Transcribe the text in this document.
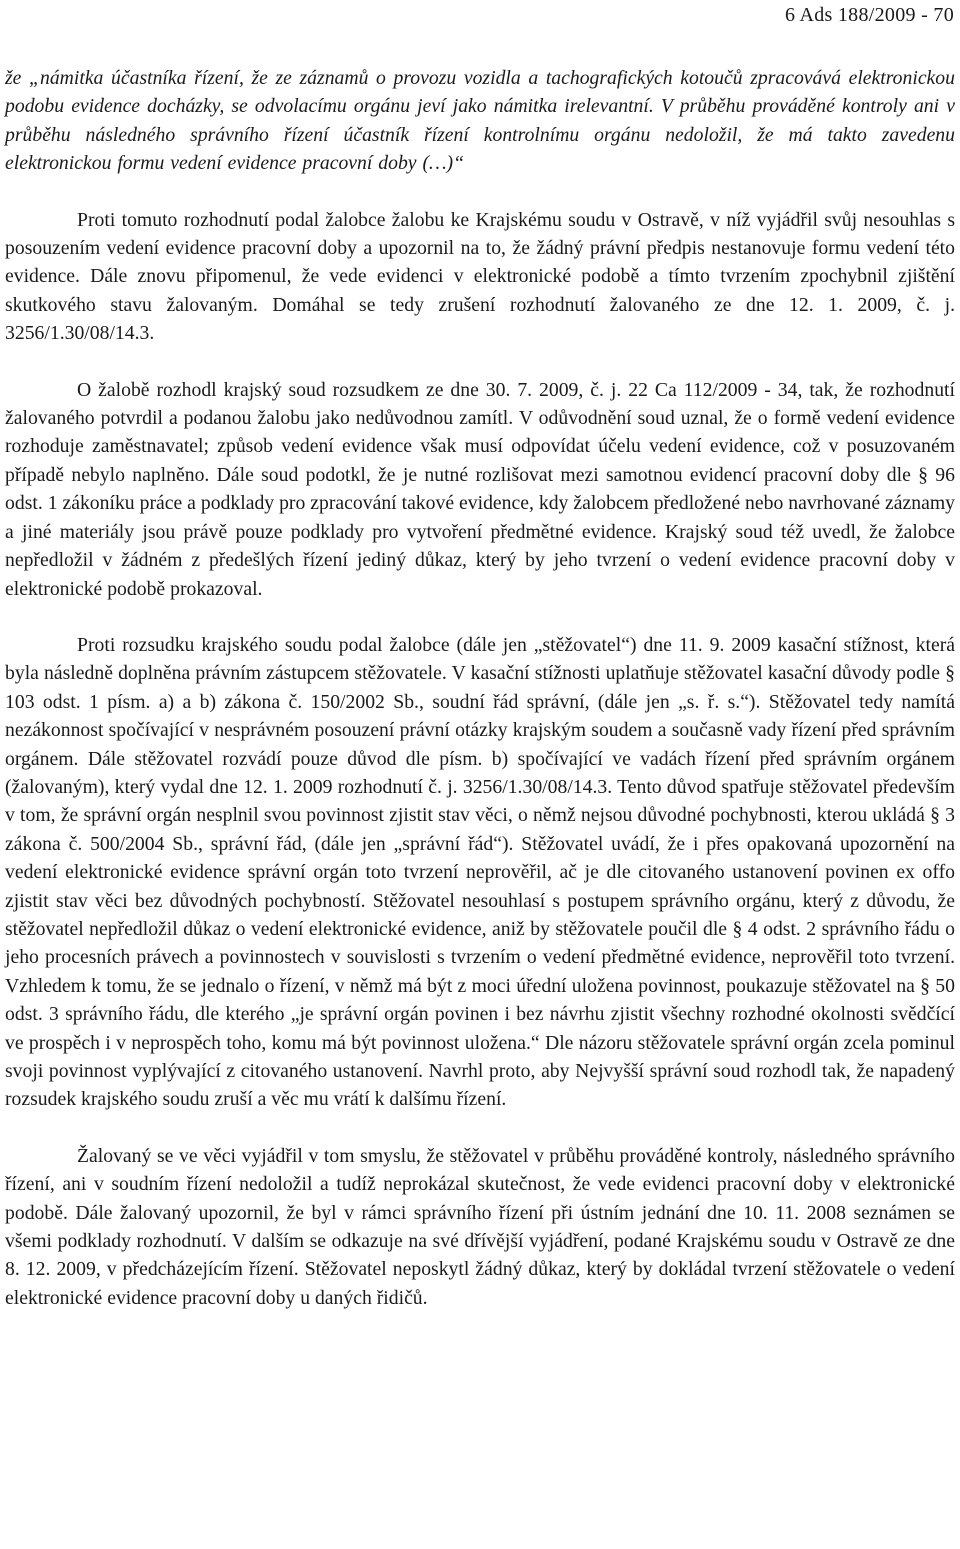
6 Ads 188/2009 - 70

že „námitka účastníka řízení, že ze záznamů o provozu vozidla a tachografických kotoučů zpracovává elektronickou podobu evidence docházky, se odvolacímu orgánu jeví jako námitka irelevantní. V průběhu prováděné kontroly ani v průběhu následného správního řízení účastník řízení kontrolnímu orgánu nedoložil, že má takto zavedenu elektronickou formu vedení evidence pracovní doby (…)“

Proti tomuto rozhodnutí podal žalobce žalobu ke Krajskému soudu v Ostravě, v níž vyjádřil svůj nesouhlas s posouzením vedení evidence pracovní doby a upozornil na to, že žádný právní předpis nestanovuje formu vedení této evidence. Dále znovu připomenul, že vede evidenci v elektronické podobě a tímto tvrzením zpochybnil zjištění skutkového stavu žalovaným. Domáhal se tedy zrušení rozhodnutí žalovaného ze dne 12. 1. 2009, č. j. 3256/1.30/08/14.3.

O žalobě rozhodl krajský soud rozsudkem ze dne 30. 7. 2009, č. j. 22 Ca 112/2009 - 34, tak, že rozhodnutí žalovaného potvrdil a podanou žalobu jako nedůvodnou zamítl. V odůvodnění soud uznal, že o formě vedení evidence rozhoduje zaměstnavatel; způsob vedení evidence však musí odpovídat účelu vedení evidence, což v posuzovaném případě nebylo naplněno. Dále soud podotkl, že je nutné rozlišovat mezi samotnou evidencí pracovní doby dle § 96 odst. 1 zákoníku práce a podklady pro zpracování takové evidence, kdy žalobcem předložené nebo navrhované záznamy a jiné materiály jsou právě pouze podklady pro vytvoření předmětné evidence. Krajský soud též uvedl, že žalobce nepředložil v žádném z předešlých řízení jediný důkaz, který by jeho tvrzení o vedení evidence pracovní doby v elektronické podobě prokazoval.

Proti rozsudku krajského soudu podal žalobce (dále jen „stěžovatel“) dne 11. 9. 2009 kasační stížnost, která byla následně doplněna právním zástupcem stěžovatele. V kasační stížnosti uplatňuje stěžovatel kasační důvody podle § 103 odst. 1 písm. a) a b) zákona č. 150/2002 Sb., soudní řád správní, (dále jen „s. ř. s.“). Stěžovatel tedy namítá nezákonnost spočívající v nesprávném posouzení právní otázky krajským soudem a současně vady řízení před správním orgánem. Dále stěžovatel rozvádí pouze důvod dle písm. b) spočívající ve vadách řízení před správním orgánem (žalovaným), který vydal dne 12. 1. 2009 rozhodnutí č. j. 3256/1.30/08/14.3. Tento důvod spatřuje stěžovatel především v tom, že správní orgán nesplnil svou povinnost zjistit stav věci, o němž nejsou důvodné pochybnosti, kterou ukládá § 3 zákona č. 500/2004 Sb., správní řád, (dále jen „správní řád“). Stěžovatel uvádí, že i přes opakovaná upozornění na vedení elektronické evidence správní orgán toto tvrzení neprověřil, ač je dle citovaného ustanovení povinen ex offo zjistit stav věci bez důvodných pochybností. Stěžovatel nesouhlasí s postupem správního orgánu, který z důvodu, že stěžovatel nepředložil důkaz o vedení elektronické evidence, aniž by stěžovatele poučil dle § 4 odst. 2 správního řádu o jeho procesních právech a povinnostech v souvislosti s tvrzením o vedení předmětné evidence, neprověřil toto tvrzení. Vzhledem k tomu, že se jednalo o řízení, v němž má být z moci úřední uložena povinnost, poukazuje stěžovatel na § 50 odst. 3 správního řádu, dle kterého „je správní orgán povinen i bez návrhu zjistit všechny rozhodné okolnosti svědčící ve prospěch i v neprospěch toho, komu má být povinnost uložena.“ Dle názoru stěžovatele správní orgán zcela pominul svoji povinnost vyplývající z citovaného ustanovení. Navrhl proto, aby Nejvyšší správní soud rozhodl tak, že napadený rozsudek krajského soudu zruší a věc mu vrátí k dalšímu řízení.

Žalovaný se ve věci vyjádřil v tom smyslu, že stěžovatel v průběhu prováděné kontroly, následného správního řízení, ani v soudním řízení nedoložil a tudíž neprokázal skutečnost, že vede evidenci pracovní doby v elektronické podobě. Dále žalovaný upozornil, že byl v rámci správního řízení při ústním jednání dne 10. 11. 2008 seznámen se všemi podklady rozhodnutí. V dalším se odkazuje na své dřívější vyjádření, podané Krajskému soudu v Ostravě ze dne 8. 12. 2009, v předcházejícím řízení. Stěžovatel neposkytl žádný důkaz, který by dokládal tvrzení stěžovatele o vedení elektronické evidence pracovní doby u daných řidičů.
